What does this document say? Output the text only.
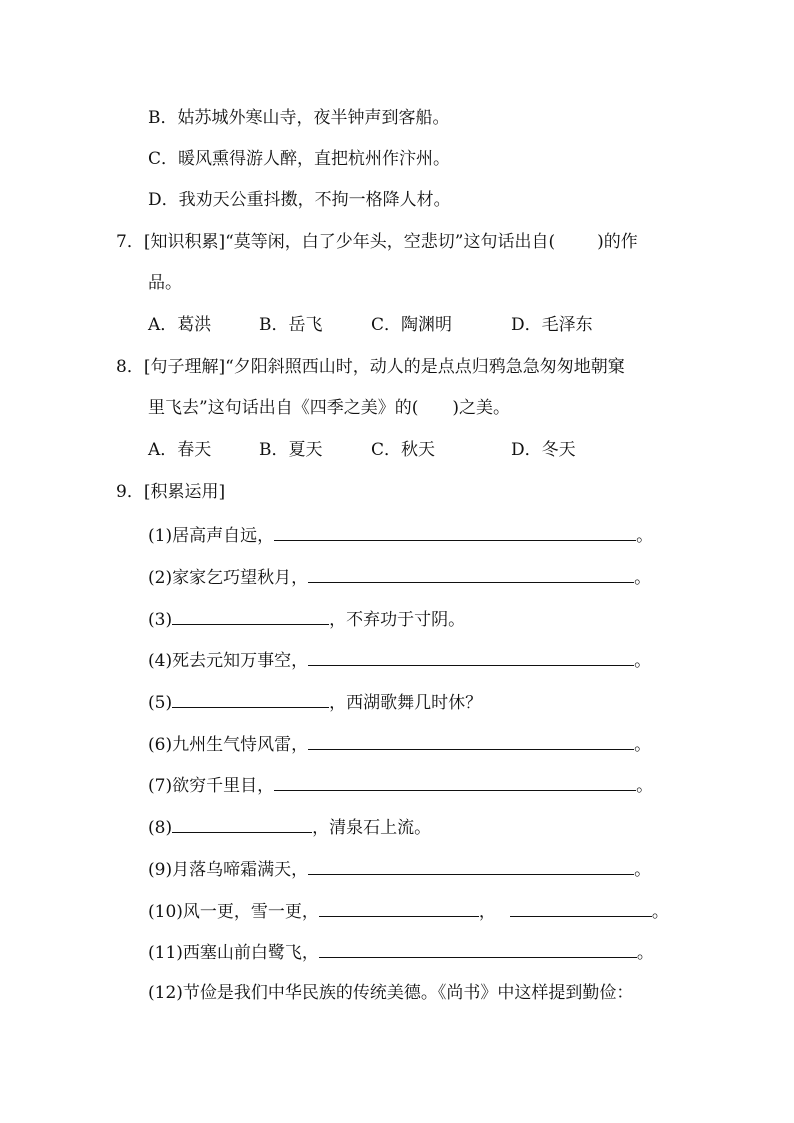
B．姑苏城外寒山寺，夜半钟声到客船。
C．暖风熏得游人醉，直把杭州作汴州。
D．我劝天公重抖擞，不拘一格降人材。
7．[知识积累]“莫等闲，白了少年头，空悲切”这句话出自( )的作
品。
A．葛洪	B．岳飞	C．陶渊明	D．毛泽东
8．[句子理解]“夕阳斜照西山时，动人的是点点归鸦急急匆匆地朝窠
里飞去”这句话出自《四季之美》的( )之美。
A．春天	B．夏天	C．秋天	D．冬天
9．[积累运用]
(1)居高声自远，	。
(2)家家乞巧望秋月，	。
(3)	，不弃功于寸阴。
(4)死去元知万事空，	。
(5)	，西湖歌舞几时休？
(6)九州生气恃风雷，	。
(7)欲穷千里目，	。
(8)	，清泉石上流。
(9)月落乌啼霜满天，	。
(10)风一更，雪一更，	，	。
(11)西塞山前白鹭飞，	。
(12)节俭是我们中华民族的传统美德。《尚书》中这样提到勤俭：
